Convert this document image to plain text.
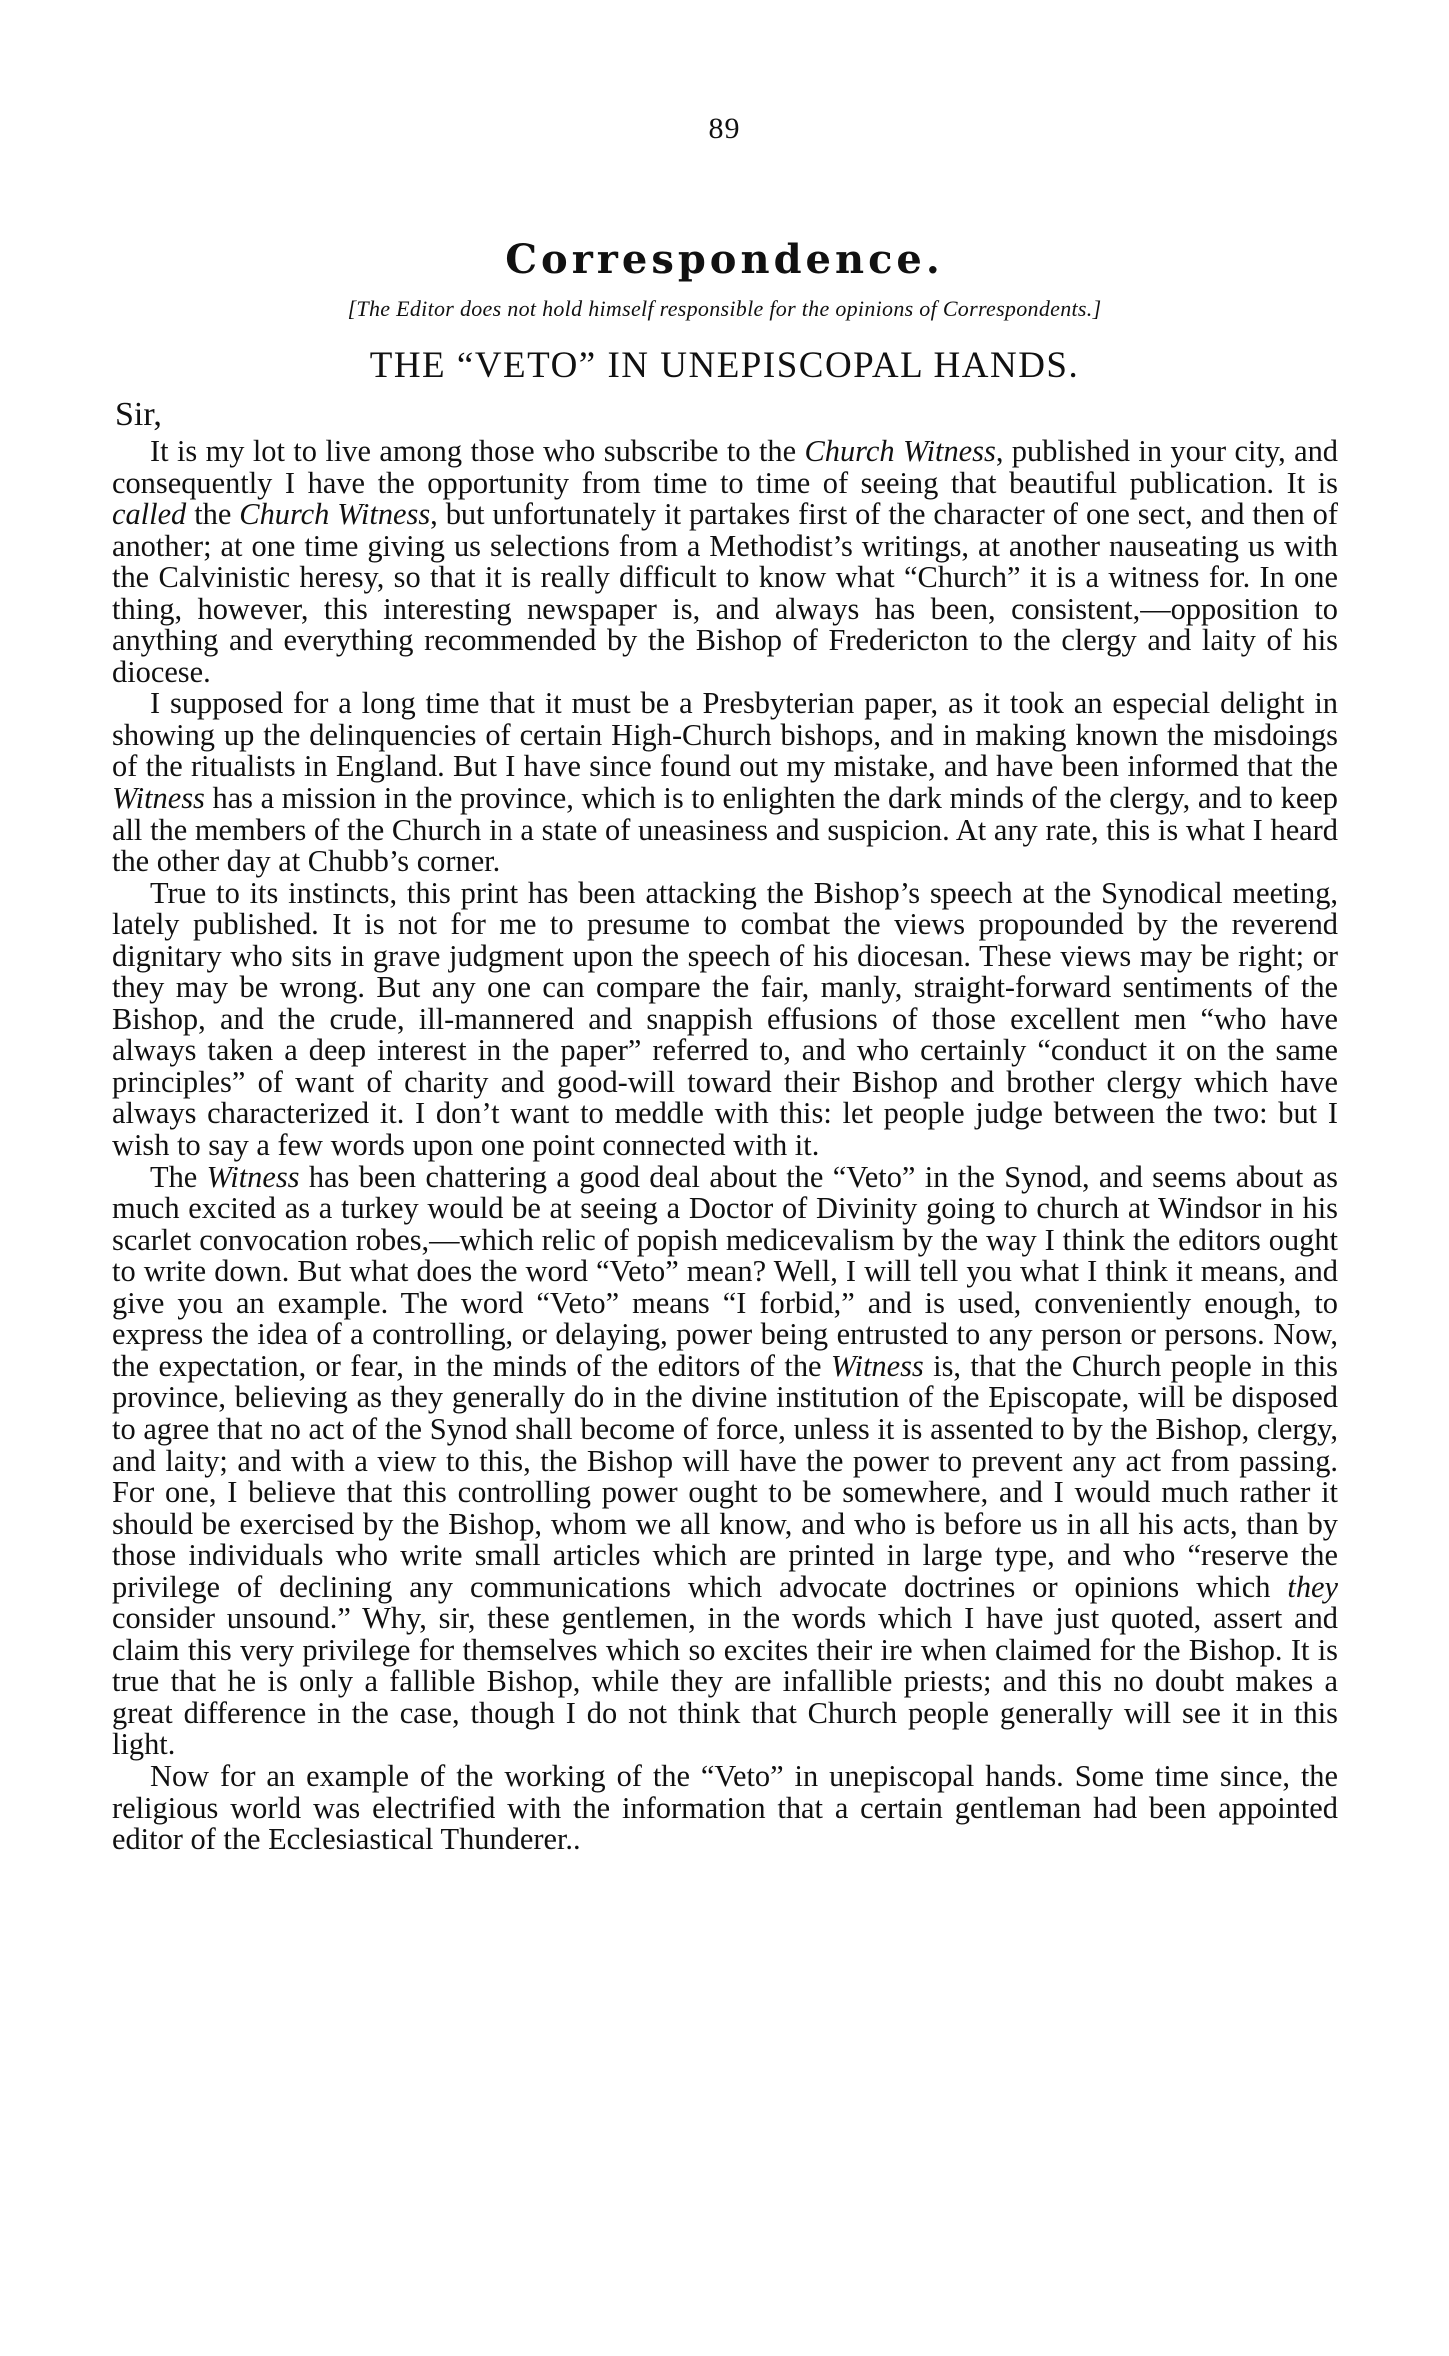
89
Correspondence.
[The Editor does not hold himself responsible for the opinions of Correspondents.]
THE “VETO” IN UNEPISCOPAL HANDS.
Sir,

It is my lot to live among those who subscribe to the Church Witness, published in your city, and consequently I have the opportunity from time to time of seeing that beautiful publication. It is called the Church Witness, but unfortunately it partakes first of the character of one sect, and then of another; at one time giving us selections from a Methodist’s writings, at another nauseating us with the Calvinistic heresy, so that it is really difficult to know what “Church” it is a witness for. In one thing, however, this interesting newspaper is, and always has been, consistent,—opposition to anything and everything recommended by the Bishop of Fredericton to the clergy and laity of his diocese.

I supposed for a long time that it must be a Presbyterian paper, as it took an especial delight in showing up the delinquencies of certain High-Church bishops, and in making known the misdoings of the ritualists in England. But I have since found out my mistake, and have been informed that the Witness has a mission in the province, which is to enlighten the dark minds of the clergy, and to keep all the members of the Church in a state of uneasiness and suspicion. At any rate, this is what I heard the other day at Chubb’s corner.

True to its instincts, this print has been attacking the Bishop’s speech at the Synodical meeting, lately published. It is not for me to presume to combat the views propounded by the reverend dignitary who sits in grave judgment upon the speech of his diocesan. These views may be right; or they may be wrong. But any one can compare the fair, manly, straight-forward sentiments of the Bishop, and the crude, ill-mannered and snappish effusions of those excellent men “who have always taken a deep interest in the paper” referred to, and who certainly “conduct it on the same principles” of want of charity and good-will toward their Bishop and brother clergy which have always characterized it. I don’t want to meddle with this: let people judge between the two: but I wish to say a few words upon one point connected with it.

The Witness has been chattering a good deal about the “Veto” in the Synod, and seems about as much excited as a turkey would be at seeing a Doctor of Divinity going to church at Windsor in his scarlet convocation robes,—which relic of popish medicevalism by the way I think the editors ought to write down. But what does the word “Veto” mean? Well, I will tell you what I think it means, and give you an example. The word “Veto” means “I forbid,” and is used, conveniently enough, to express the idea of a controlling, or delaying, power being entrusted to any person or persons. Now, the expectation, or fear, in the minds of the editors of the Witness is, that the Church people in this province, believing as they generally do in the divine institution of the Episcopate, will be disposed to agree that no act of the Synod shall become of force, unless it is assented to by the Bishop, clergy, and laity; and with a view to this, the Bishop will have the power to prevent any act from passing. For one, I believe that this controlling power ought to be somewhere, and I would much rather it should be exercised by the Bishop, whom we all know, and who is before us in all his acts, than by those individuals who write small articles which are printed in large type, and who “reserve the privilege of declining any communications which advocate doctrines or opinions which they consider unsound.” Why, sir, these gentlemen, in the words which I have just quoted, assert and claim this very privilege for themselves which so excites their ire when claimed for the Bishop. It is true that he is only a fallible Bishop, while they are infallible priests; and this no doubt makes a great difference in the case, though I do not think that Church people generally will see it in this light.

Now for an example of the working of the “Veto” in unepiscopal hands. Some time since, the religious world was electrified with the information that a certain gentleman had been appointed editor of the Ecclesiastical Thunderer..
